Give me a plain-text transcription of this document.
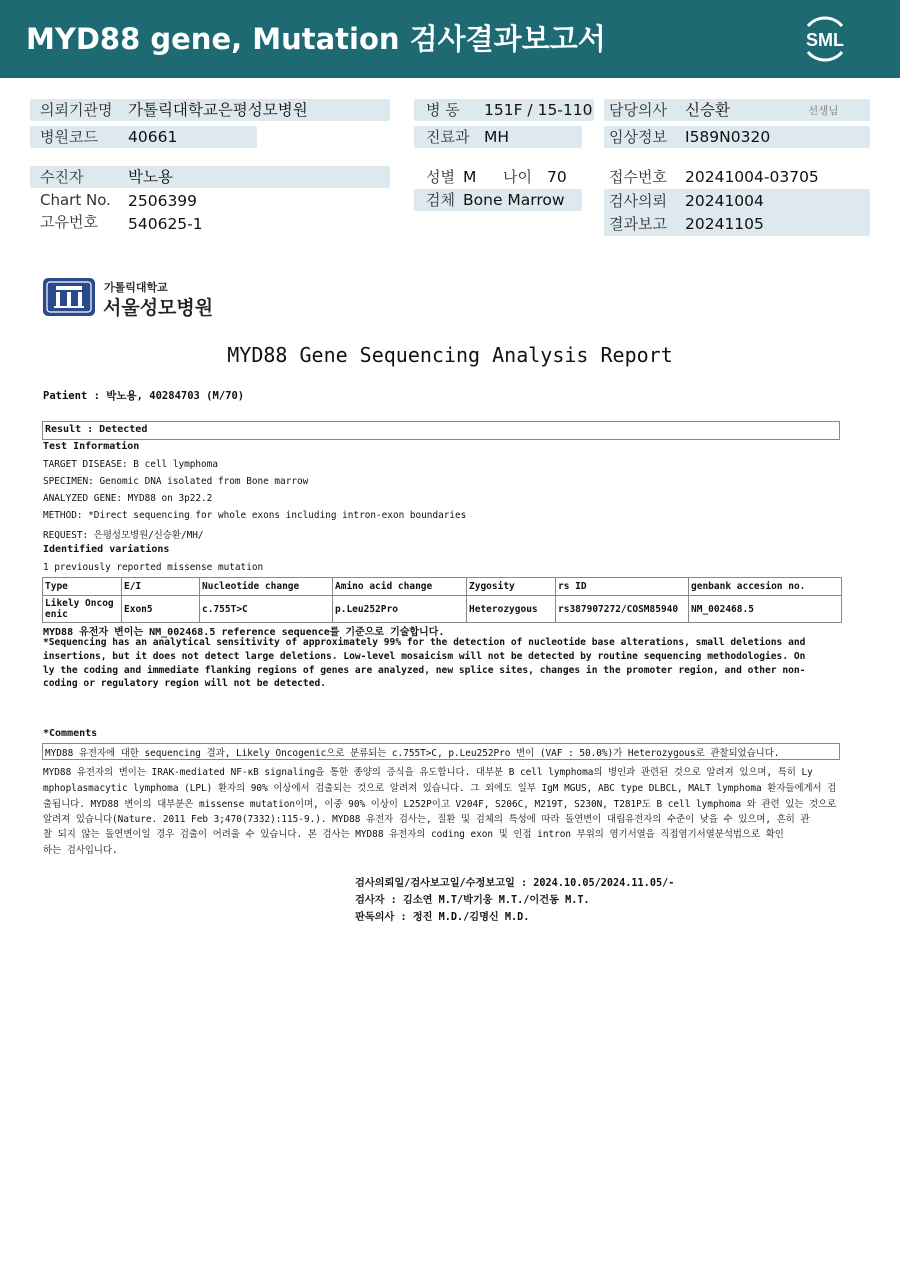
MYD88 gene, Mutation 검사결과보고서	SML
의뢰기관명 가톨릭대학교은평성모병원	병 동 151F / 15-110 담당의사 신승환	선생님
병원코드 40661	진료과 MH	임상정보 I589N0320
수진자	박노용
Chart No. 2506399
고유번호 540625-1
성별 M 나이 70
검체 Bone Marrow
접수번호 20241004-03705
검사의뢰 20241004
결과보고 20241105
가톨릭대학교
서울성모병원
MYD88 Gene Sequencing Analysis Report
Patient : 박노용, 40284703 (M/70)
Result : Detected
Test Information
TARGET DISEASE: B cell lymphoma
SPECIMEN: Genomic DNA isolated from Bone marrow
ANALYZED GENE: MYD88 on 3p22.2
METHOD: *Direct sequencing for whole exons including intron-exon boundaries
REQUEST: 은평성모병원/신승환/MH/
Identified variations
1 previously reported missense mutation
Type	E/I	Nucleotide change	Amino acid change	Zygosity	rs ID	genbank accesion no.
Likely Oncog
enic	Exon5	c.755T>C	p.Leu252Pro	Heterozygous	rs387907272/COSM85940	NM_002468.5
MYD88 유전자 변이는 NM_002468.5 reference sequence를 기준으로 기술합니다.
*Sequencing has an analytical sensitivity of approximately 99% for the detection of nucleotide base alterations, small deletions and
insertions, but it does not detect large deletions. Low-level mosaicism will not be detected by routine sequencing methodologies. On
ly the coding and immediate flanking regions of genes are analyzed, new splice sites, changes in the promoter region, and other non-
coding or regulatory region will not be detected.
*Comments
MYD88 유전자에 대한 sequencing 결과, Likely Oncogenic으로 분류되는 c.755T>C, p.Leu252Pro 변이 (VAF : 50.0%)가 Heterozygous로 관찰되었습니다.
MYD88 유전자의 변이는 IRAK-mediated NF-κB signaling을 통한 종양의 증식을 유도합니다. 대부분 B cell lymphoma의 병인과 관련된 것으로 알려져 있으며, 특히 Ly
mphoplasmacytic lymphoma (LPL) 환자의 90% 이상에서 검출되는 것으로 알려져 있습니다. 그 외에도 일부 IgM MGUS, ABC type DLBCL, MALT lymphoma 환자들에게서 검
출됩니다. MYD88 변이의 대부분은 missense mutation이며, 이중 90% 이상이 L252P이고 V204F, S206C, M219T, S230N, T281P도 B cell lymphoma 와 관련 있는 것으로
알려져 있습니다(Nature. 2011 Feb 3;470(7332):115-9.). MYD88 유전자 검사는, 질환 및 검체의 특성에 따라 돌연변이 대립유전자의 수준이 낮을 수 있으며, 흔히 관
찰 되지 않는 돌연변이일 경우 검출이 어려울 수 있습니다. 본 검사는 MYD88 유전자의 coding exon 및 인접 intron 부위의 염기서열을 직접염기서열분석법으로 확인
하는 검사입니다.
검사의뢰일/검사보고일/수정보고일 : 2024.10.05/2024.11.05/-
검사자 : 김소연 M.T/박기웅 M.T./이건동 M.T.
판독의사 : 정진 M.D./김명신 M.D.
